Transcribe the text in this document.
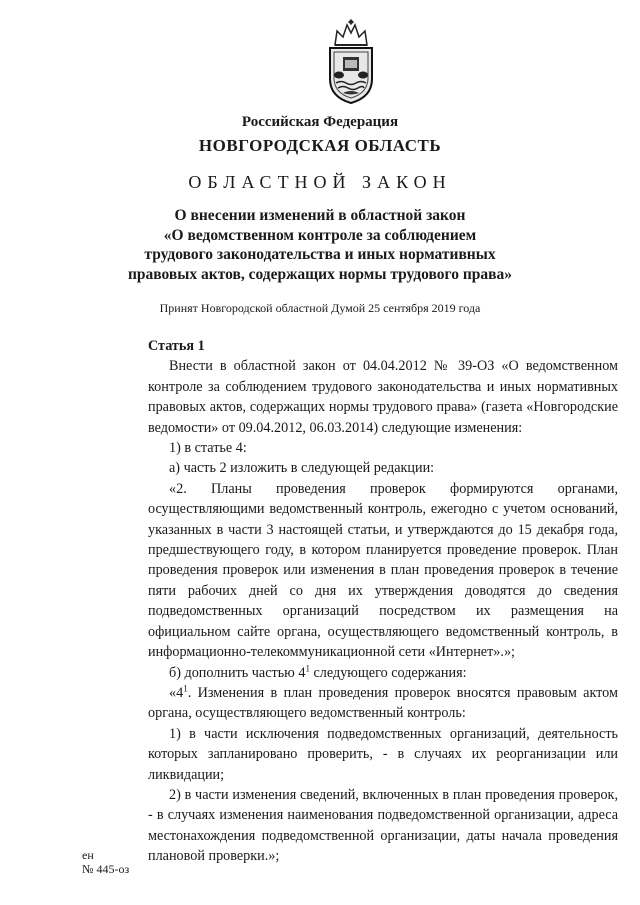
Российская Федерация
НОВГОРОДСКАЯ ОБЛАСТЬ
ОБЛАСТНОЙ ЗАКОН
О внесении изменений в областной закон
«О ведомственном контроле за соблюдением
трудового законодательства и иных нормативных
правовых актов, содержащих нормы трудового права»
Принят Новгородской областной Думой 25 сентября 2019 года

Статья 1

Внести в областной закон от 04.04.2012 № 39-ОЗ «О ведомственном контроле за соблюдением трудового законодательства и иных нормативных правовых актов, содержащих нормы трудового права» (газета «Новгородские ведомости» от 09.04.2012, 06.03.2014) следующие изменения:

1) в статье 4:

а) часть 2 изложить в следующей редакции:

«2. Планы проведения проверок формируются органами, осуществляющими ведомственный контроль, ежегодно с учетом оснований, указанных в части 3 настоящей статьи, и утверждаются до 15 декабря года, предшествующего году, в котором планируется проведение проверок. План проведения проверок или изменения в план проведения проверок в течение пяти рабочих дней со дня их утверждения доводятся до сведения подведомственных организаций посредством их размещения на официальном сайте органа, осуществляющего ведомственный контроль, в информационно-телекоммуникационной сети «Интернет».»;

б) дополнить частью $4^1$ следующего содержания:

«$4^1$. Изменения в план проведения проверок вносятся правовым актом органа, осуществляющего ведомственный контроль:

1) в части исключения подведомственных организаций, деятельность которых запланировано проверить, - в случаях их реорганизации или ликвидации;

2) в части изменения сведений, включенных в план проведения проверок, - в случаях изменения наименования подведомственной организации, адреса местонахождения подведомственной организации, даты начала проведения плановой проверки.»;

ен
№ 445-оз
